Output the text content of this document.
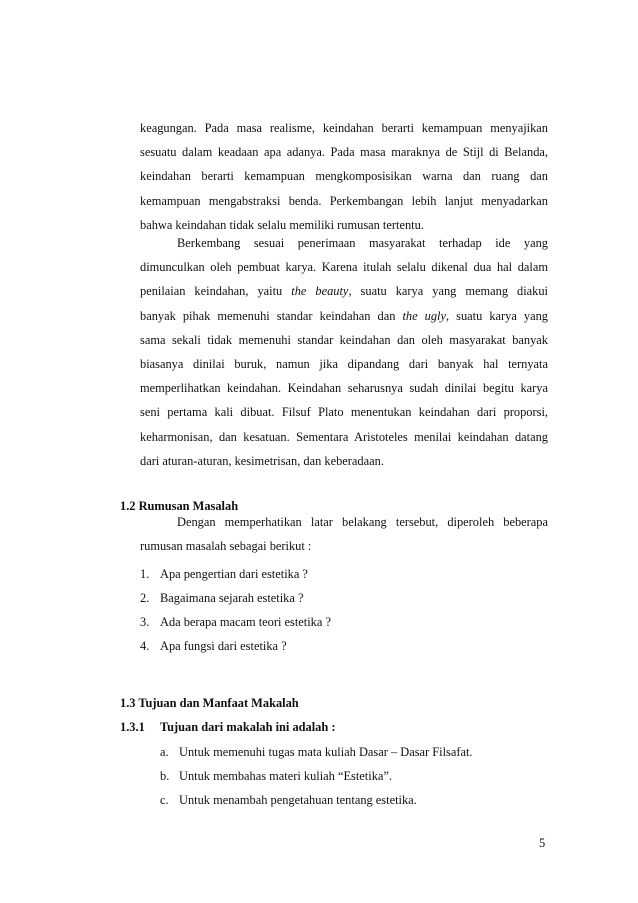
keagungan. Pada masa realisme, keindahan berarti kemampuan menyajikan
sesuatu dalam keadaan apa adanya. Pada masa maraknya de Stijl di Belanda,
keindahan berarti kemampuan mengkomposisikan warna dan ruang dan
kemampuan mengabstraksi benda. Perkembangan lebih lanjut menyadarkan
bahwa keindahan tidak selalu memiliki rumusan tertentu.
Berkembang sesuai penerimaan masyarakat terhadap ide yang
dimunculkan oleh pembuat karya. Karena itulah selalu dikenal dua hal dalam
penilaian keindahan, yaitu the beauty, suatu karya yang memang diakui
banyak pihak memenuhi standar keindahan dan the ugly, suatu karya yang
sama sekali tidak memenuhi standar keindahan dan oleh masyarakat banyak
biasanya dinilai buruk, namun jika dipandang dari banyak hal ternyata
memperlihatkan keindahan. Keindahan seharusnya sudah dinilai begitu karya
seni pertama kali dibuat. Filsuf Plato menentukan keindahan dari proporsi,
keharmonisan, dan kesatuan. Sementara Aristoteles menilai keindahan datang
dari aturan-aturan, kesimetrisan, dan keberadaan.
1.2 Rumusan Masalah
Dengan memperhatikan latar belakang tersebut, diperoleh beberapa
rumusan masalah sebagai berikut :
1. Apa pengertian dari estetika ?
2. Bagaimana sejarah estetika ?
3. Ada berapa macam teori estetika ?
4. Apa fungsi dari estetika ?
1.3 Tujuan dan Manfaat Makalah
1.3.1	Tujuan dari makalah ini adalah :
a. Untuk memenuhi tugas mata kuliah Dasar – Dasar Filsafat.
b. Untuk membahas materi kuliah “Estetika”.
c. Untuk menambah pengetahuan tentang estetika.
5
